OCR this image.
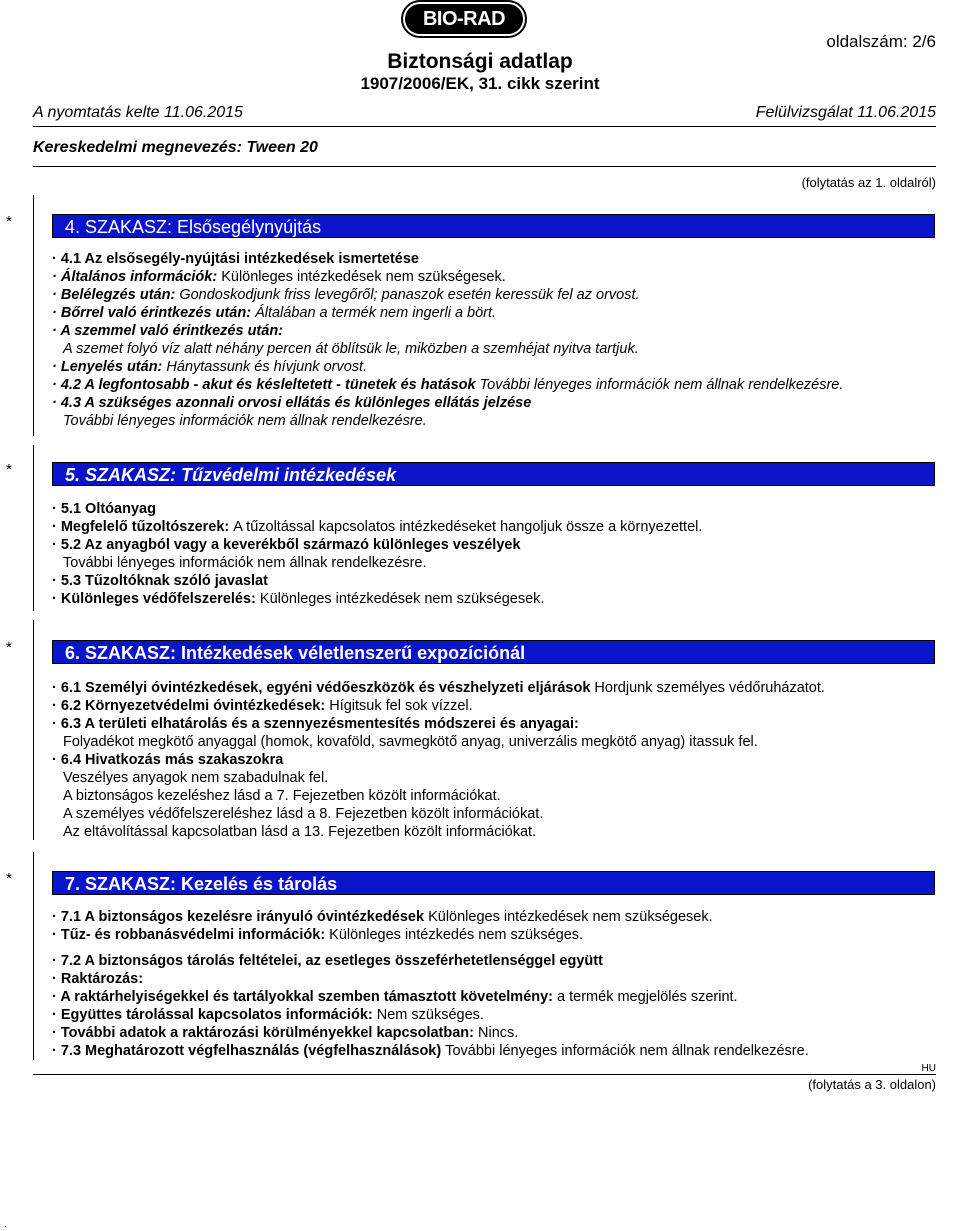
BIO-RAD
oldalszám: 2/6
Biztonsági adatlap
1907/2006/EK, 31. cikk szerint
A nyomtatás kelte 11.06.2015	Felülvizsgálat 11.06.2015
Kereskedelmi megnevezés: Tween 20
(folytatás az 1. oldalról)
*	4. SZAKASZ: Elsősegélynyújtás
· 4.1 Az elsősegély-nyújtási intézkedések ismertetése
· Általános információk: Különleges intézkedések nem szükségesek.
· Belélegzés után: Gondoskodjunk friss levegőről; panaszok esetén keressük fel az orvost.
· Bőrrel való érintkezés után: Általában a termék nem ingerli a bört.
· A szemmel való érintkezés után:
A szemet folyó víz alatt néhány percen át öblítsük le, miközben a szemhéjat nyitva tartjuk.
· Lenyelés után: Hánytassunk és hívjunk orvost.
· 4.2 A legfontosabb - akut és késleltetett - tünetek és hatások További lényeges információk nem állnak rendelkezésre.
· 4.3 A szükséges azonnali orvosi ellátás és különleges ellátás jelzése
További lényeges információk nem állnak rendelkezésre.
*	5. SZAKASZ: Tűzvédelmi intézkedések
· 5.1 Oltóanyag
· Megfelelő tűzoltószerek: A tűzoltással kapcsolatos intézkedéseket hangoljuk össze a környezettel.
· 5.2 Az anyagból vagy a keverékből származó különleges veszélyek
További lényeges információk nem állnak rendelkezésre.
· 5.3 Tűzoltóknak szóló javaslat
· Különleges védőfelszerelés: Különleges intézkedések nem szükségesek.
*	6. SZAKASZ: Intézkedések véletlenszerű expozíciónál
· 6.1 Személyi óvintézkedések, egyéni védőeszközök és vészhelyzeti eljárások Hordjunk személyes védőruházatot.
· 6.2 Környezetvédelmi óvintézkedések: Hígitsuk fel sok vízzel.
· 6.3 A területi elhatárolás és a szennyezésmentesítés módszerei és anyagai:
Folyadékot megkötő anyaggal (homok, kovaföld, savmegkötő anyag, univerzális megkötő anyag) itassuk fel.
· 6.4 Hivatkozás más szakaszokra
Veszélyes anyagok nem szabadulnak fel.
A biztonságos kezeléshez lásd a 7. Fejezetben közölt információkat.
A személyes védőfelszereléshez lásd a 8. Fejezetben közölt információkat.
Az eltávolítással kapcsolatban lásd a 13. Fejezetben közölt információkat.
*	7. SZAKASZ: Kezelés és tárolás
· 7.1 A biztonságos kezelésre irányuló óvintézkedések Különleges intézkedések nem szükségesek.
· Tűz- és robbanásvédelmi információk: Különleges intézkedés nem szükséges.
· 7.2 A biztonságos tárolás feltételei, az esetleges összeférhetetlenséggel együtt
· Raktározás:
· A raktárhelyiségekkel és tartályokkal szemben támasztott követelmény: a termék megjelölés szerint.
· Együttes tárolással kapcsolatos információk: Nem szükséges.
· További adatok a raktározási körülményekkel kapcsolatban: Nincs.
· 7.3 Meghatározott végfelhasználás (végfelhasználások) További lényeges információk nem állnak rendelkezésre.
HU
(folytatás a 3. oldalon)
·
